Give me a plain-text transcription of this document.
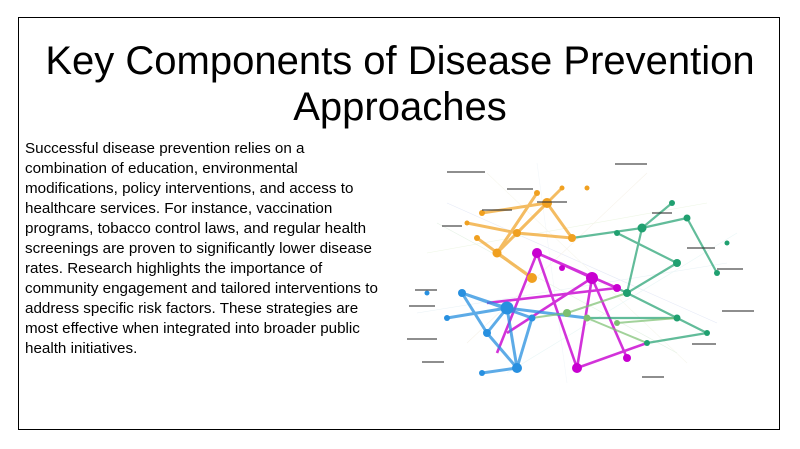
Key Components of Disease Prevention Approaches

Successful disease prevention relies on a combination of education, environmental modifications, policy interventions, and access to healthcare services. For instance, vaccination programs, tobacco control laws, and regular health screenings are proven to significantly lower disease rates. Research highlights the importance of community engagement and tailored interventions to address specific risk factors. These strategies are most effective when integrated into broader public health initiatives.
